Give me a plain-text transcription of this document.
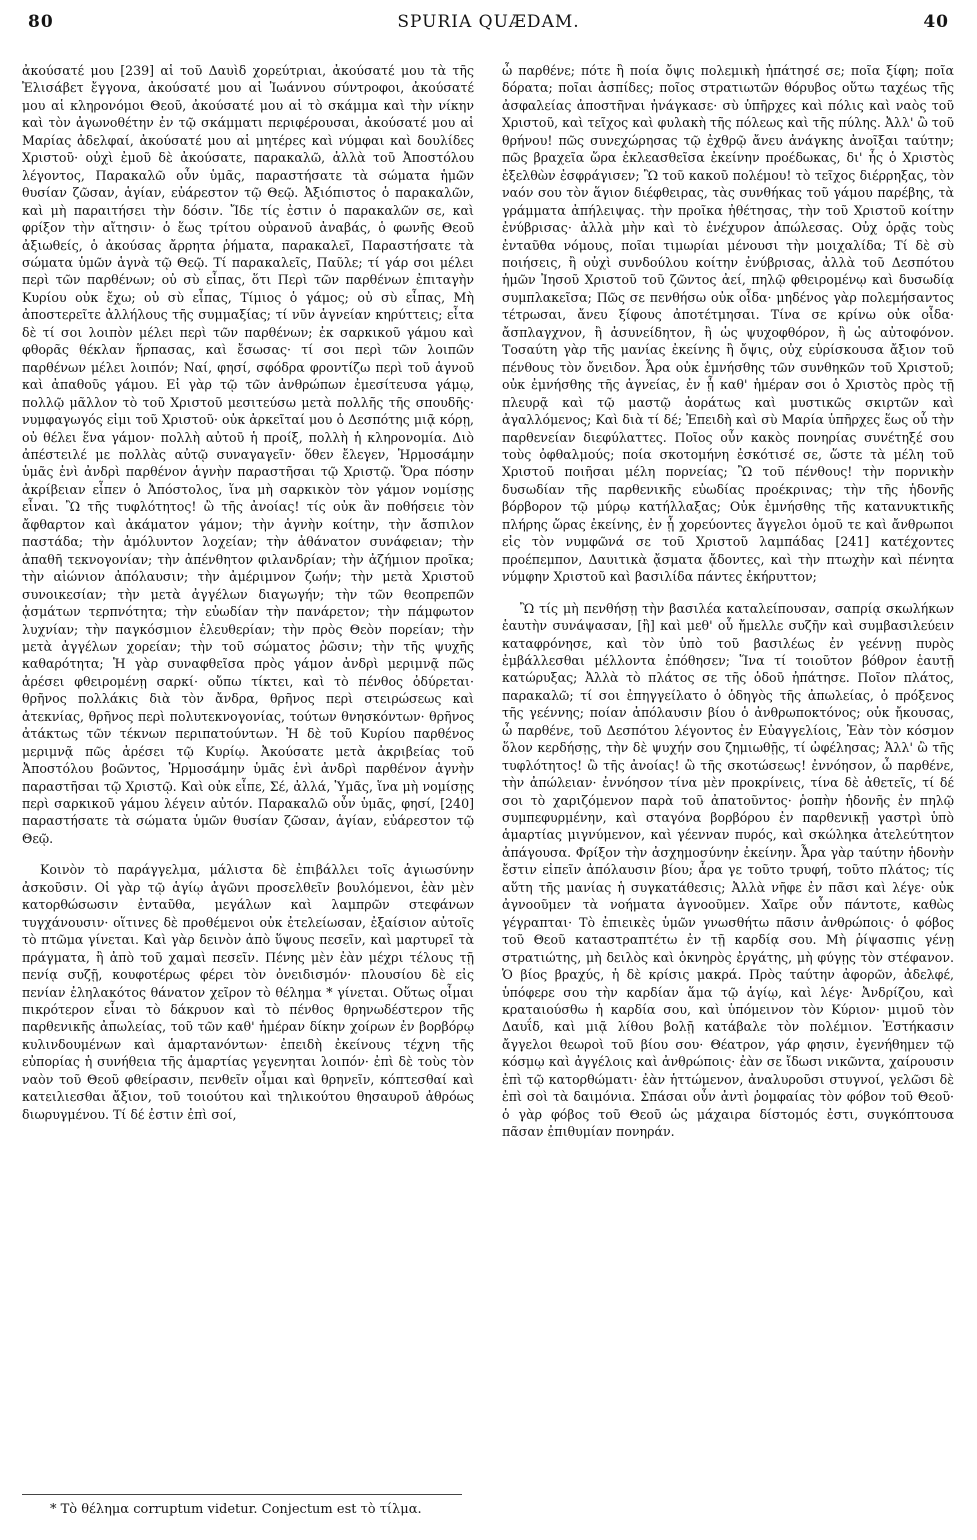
80	SPURIA QUÆDAM.	40

ἀκούσατέ μου [239] αἱ τοῦ Δαυὶδ χορεύτριαι, ἀκούσατέ μου τὰ τῆς Ἐλισάβετ ἔγγονα, ἀκούσατέ μου αἱ Ἰωάννου σύντροφοι, ἀκούσατέ μου αἱ κληρονόμοι Θεοῦ, ἀκούσατέ μου αἱ τὸ σκάμμα καὶ τὴν νίκην καὶ τὸν ἀγωνοθέτην ἐν τῷ σκάμματι περιφέρουσαι, ἀκούσατέ μου αἱ Μαρίας ἀδελφαί, ἀκούσατέ μου αἱ μητέρες καὶ νύμφαι καὶ δουλίδες Χριστοῦ· οὐχὶ ἐμοῦ δὲ ἀκούσατε, παρακαλῶ, ἀλλὰ τοῦ Ἀποστόλου λέγοντος, Παρακαλῶ οὖν ὑμᾶς, παραστήσατε τὰ σώματα ἡμῶν θυσίαν ζῶσαν, ἁγίαν, εὐάρεστον τῷ Θεῷ. Ἀξιόπιστος ὁ παρακαλῶν, καὶ μὴ παραιτήσει τὴν δόσιν. Ἴδε τίς ἐστιν ὁ παρακαλῶν σε, καὶ φρίξον τὴν αἴτησιν· ὁ ἕως τρίτου οὐρανοῦ ἀναβάς, ὁ φωνῆς Θεοῦ ἀξιωθείς, ὁ ἀκούσας ἄρρητα ῥήματα, παρακαλεῖ, Παραστήσατε τὰ σώματα ὑμῶν ἁγνὰ τῷ Θεῷ. Τί παρακαλεῖς, Παῦλε; τί γάρ σοι μέλει περὶ τῶν παρθένων; οὐ σὺ εἶπας, ὅτι Περὶ τῶν παρθένων ἐπιταγὴν Κυρίου οὐκ ἔχω; οὐ σὺ εἶπας, Τίμιος ὁ γάμος; οὐ σὺ εἶπας, Μὴ ἀποστερεῖτε ἀλλήλους τῆς συμμαξίας; τί νῦν ἁγνείαν κηρύττεις; εἶτα δὲ τί σοι λοιπὸν μέλει περὶ τῶν παρθένων; ἐκ σαρκικοῦ γάμου καὶ φθορᾶς θέκλαν ἥρπασας, καὶ ἔσωσας· τί σοι περὶ τῶν λοιπῶν παρθένων μέλει λοιπόν; Ναί, φησί, σφόδρα φροντίζω περὶ τοῦ ἁγνοῦ καὶ ἀπαθοῦς γάμου. Εἰ γὰρ τῷ τῶν ἀνθρώπων ἐμεσίτευσα γάμῳ, πολλῷ μᾶλλον τὸ τοῦ Χριστοῦ μεσιτεύσω μετὰ πολλῆς τῆς σπουδῆς· νυμφαγωγός εἰμι τοῦ Χριστοῦ· οὐκ ἀρκεῖταί μου ὁ Δεσπότης μιᾷ κόρῃ, οὐ θέλει ἕνα γάμον· πολλὴ αὐτοῦ ἡ προίξ, πολλὴ ἡ κληρονομία. Διὸ ἀπέστειλέ με πολλὰς αὐτῷ συναγαγεῖν· ὅθεν ἔλεγεν, Ἡρμοσάμην ὑμᾶς ἑνὶ ἀνδρὶ παρθένον ἁγνὴν παραστῆσαι τῷ Χριστῷ. Ὅρα πόσην ἀκρίβειαν εἶπεν ὁ Ἀπόστολος, ἵνα μὴ σαρκικὸν τὸν γάμον νομίσῃς εἶναι. Ὢ τῆς τυφλότητος! ὢ τῆς ἀνοίας! τίς οὐκ ἂν ποθήσειε τὸν ἄφθαρτον καὶ ἀκάματον γάμον; τὴν ἁγνὴν κοίτην, τὴν ἄσπιλον παστάδα; τὴν ἀμόλυντον λοχείαν; τὴν ἀθάνατον συνάφειαν; τὴν ἀπαθῆ τεκνογονίαν; τὴν ἀπένθητον φιλανδρίαν; τὴν ἀζήμιον προῖκα; τὴν αἰώνιον ἀπόλαυσιν; τὴν ἀμέριμνον ζωήν; τὴν μετὰ Χριστοῦ συνοικεσίαν; τὴν μετὰ ἀγγέλων διαγωγήν; τὴν τῶν θεοπρεπῶν ᾀσμάτων τερπνότητα; τὴν εὐωδίαν τὴν πανάρετον; τὴν πάμφωτον λυχνίαν; τὴν παγκόσμιον ἐλευθερίαν; τὴν πρὸς Θεὸν πορείαν; τὴν μετὰ ἀγγέλων χορείαν; τὴν τοῦ σώματος ῥῶσιν; τὴν τῆς ψυχῆς καθαρότητα; Ἡ γὰρ συναφθεῖσα πρὸς γάμον ἀνδρὶ μεριμνᾷ πῶς ἀρέσει φθειρομένῃ σαρκί· οὔπω τίκτει, καὶ τὸ πένθος ὀδύρεται· θρῆνος πολλάκις διὰ τὸν ἄνδρα, θρῆνος περὶ στειρώσεως καὶ ἀτεκνίας, θρῆνος περὶ πολυτεκνογονίας, τούτων θνησκόντων· θρῆνος ἀτάκτως τῶν τέκνων περιπατούντων. Ἡ δὲ τοῦ Κυρίου παρθένος μεριμνᾷ πῶς ἀρέσει τῷ Κυρίῳ. Ἀκούσατε μετὰ ἀκριβείας τοῦ Ἀποστόλου βοῶντος, Ἡρμοσάμην ὑμᾶς ἑνὶ ἀνδρὶ παρθένον ἁγνὴν παραστῆσαι τῷ Χριστῷ. Καὶ οὐκ εἶπε, Σέ, ἀλλά, Ὑμᾶς, ἵνα μὴ νομίσῃς περὶ σαρκικοῦ γάμου λέγειν αὐτόν. Παρακαλῶ οὖν ὑμᾶς, φησί, [240] παραστήσατε τὰ σώματα ὑμῶν θυσίαν ζῶσαν, ἁγίαν, εὐάρεστον τῷ Θεῷ.

Κοινὸν τὸ παράγγελμα, μάλιστα δὲ ἐπιβάλλει τοῖς ἁγιωσύνην ἀσκοῦσιν. Οἱ γὰρ τῷ ἁγίῳ ἀγῶνι προσελθεῖν βουλόμενοι, ἐὰν μὲν κατορθώσωσιν ἐνταῦθα, μεγάλων καὶ λαμπρῶν στεφάνων τυγχάνουσιν· οἵτινες δὲ προθέμενοι οὐκ ἐτελείωσαν, ἐξαίσιον αὐτοῖς τὸ πτῶμα γίνεται. Καὶ γὰρ δεινὸν ἀπὸ ὕψους πεσεῖν, καὶ μαρτυρεῖ τὰ πράγματα, ἢ ἀπὸ τοῦ χαμαὶ πεσεῖν. Πένης μὲν ἐὰν μέχρι τέλους τῇ πενίᾳ συζῇ, κουφοτέρως φέρει τὸν ὀνειδισμόν· πλουσίου δὲ εἰς πενίαν ἐληλακότος θάνατον χεῖρον τὸ θέλημα * γίνεται. Οὕτως οἶμαι πικρότερον εἶναι τὸ δάκρυον καὶ τὸ πένθος θρηνωδέστερον τῆς παρθενικῆς ἀπωλείας, τοῦ τῶν καθ' ἡμέραν δίκην χοίρων ἐν βορβόρῳ κυλινδουμένων καὶ ἁμαρτανόντων· ἐπειδὴ ἐκείνους τέχνη τῆς εὐπορίας ἡ συνήθεια τῆς ἁμαρτίας γεγενηται λοιπόν· ἐπὶ δὲ τοὺς τὸν ναὸν τοῦ Θεοῦ φθείρασιν, πενθεῖν οἶμαι καὶ θρηνεῖν, κόπτεσθαί καὶ κατειλιεσθαι ἄξιον, τοῦ τοιούτου καὶ τηλικούτου θησαυροῦ ἀθρόως διωρυγμένου. Τί δέ ἐστιν ἐπὶ σοί,

ὦ παρθένε; πότε ἢ ποία ὄψις πολεμικὴ ἠπάτησέ σε; ποῖα ξίφη; ποῖα δόρατα; ποῖαι ἀσπίδες; ποῖος στρατιωτῶν θόρυβος οὕτω ταχέως τῆς ἀσφαλείας ἀποστῆναι ἠνάγκασε· σὺ ὑπῆρχες καὶ πόλις καὶ ναὸς τοῦ Χριστοῦ, καὶ τεῖχος καὶ φυλακὴ τῆς πόλεως καὶ τῆς πύλης. Ἀλλ' ὢ τοῦ θρήνου! πῶς συνεχώρησας τῷ ἐχθρῷ ἄνευ ἀνάγκης ἀνοῖξαι ταύτην; πῶς βραχεῖα ὥρα ἐκλεασθεῖσα ἐκείνην προέδωκας, δι' ἧς ὁ Χριστὸς ἐξελθὼν ἐσφράγισεν; Ὢ τοῦ κακοῦ πολέμου! τὸ τεῖχος διέρρηξας, τὸν ναόν σου τὸν ἅγιον διέφθειρας, τὰς συνθήκας τοῦ γάμου παρέβης, τὰ γράμματα ἀπήλειψας. τὴν προῖκα ἠθέτησας, τὴν τοῦ Χριστοῦ κοίτην ἐνύβρισας· ἀλλὰ μὴν καὶ τὸ ἐνέχυρον ἀπώλεσας. Οὐχ ὁρᾷς τοὺς ἐνταῦθα νόμους, ποῖαι τιμωρίαι μένουσι τὴν μοιχαλίδα; Τί δὲ σὺ ποιήσεις, ἢ οὐχὶ συνδούλου κοίτην ἐνύβρισας, ἀλλὰ τοῦ Δεσπότου ἡμῶν Ἰησοῦ Χριστοῦ τοῦ ζῶντος ἀεί, πηλῷ φθειρομένῳ καὶ δυσωδίᾳ συμπλακεῖσα; Πῶς σε πενθήσω οὐκ οἶδα· μηδένος γὰρ πολεμήσαντος τέτρωσαι, ἄνευ ξίφους ἀποτέτμησαι. Τίνα σε κρίνω οὐκ οἶδα· ἄσπλαγχνον, ἢ ἀσυνείδητον, ἢ ὡς ψυχοφθόρον, ἢ ὡς αὐτοφόνον. Τοσαύτη γὰρ τῆς μανίας ἐκείνης ἢ ὄψις, οὐχ εὑρίσκουσα ἄξιον τοῦ πένθους τὸν ὄνειδον. Ἆρα οὐκ ἐμνήσθης τῶν συνθηκῶν τοῦ Χριστοῦ; οὐκ ἐμνήσθης τῆς ἁγνείας, ἐν ᾗ καθ' ἡμέραν σοι ὁ Χριστὸς πρὸς τῇ πλευρᾷ καὶ τῷ μαστῷ ἀοράτως καὶ μυστικῶς σκιρτῶν καὶ ἀγαλλόμενος; Καὶ διὰ τί δέ; Ἐπειδὴ καὶ σὺ Μαρία ὑπῆρχες ἕως οὗ τὴν παρθενείαν διεφύλαττες. Ποῖος οὖν κακὸς πονηρίας συνέτηξέ σου τοὺς ὀφθαλμούς; ποία σκοτομήνη ἐσκότισέ σε, ὥστε τὰ μέλη τοῦ Χριστοῦ ποιῆσαι μέλη πορνείας; Ὢ τοῦ πένθους! τὴν πορνικὴν δυσωδίαν τῆς παρθενικῆς εὐωδίας προέκρινας; τὴν τῆς ἡδονῆς βόρβορον τῷ μύρῳ κατήλλαξας; Οὐκ ἐμνήσθης τῆς κατανυκτικῆς πλήρης ὥρας ἐκείνης, ἐν ᾗ χορεύοντες ἄγγελοι ὁμοῦ τε καὶ ἄνθρωποι εἰς τὸν νυμφῶνά σε τοῦ Χριστοῦ λαμπάδας [241] κατέχοντες προέπεμπον, Δαυιτικὰ ᾄσματα ᾄδοντες, καὶ τὴν πτωχὴν καὶ πένητα νύμφην Χριστοῦ καὶ βασιλίδα πάντες ἐκήρυττον;

Ὢ τίς μὴ πενθήσῃ τὴν βασιλέα καταλείπουσαν, σαπρίᾳ σκωλήκων ἑαυτὴν συνάψασαν, [ἢ] καὶ μεθ' οὗ ἤμελλε συζῆν καὶ συμβασιλεύειν καταφρόνησε, καὶ τὸν ὑπὸ τοῦ βασιλέως ἐν γεέννῃ πυρὸς ἐμβάλλεσθαι μέλλοντα ἐπόθησεν; Ἵνα τί τοιοῦτον βόθρον ἑαυτῇ κατώρυξας; Ἀλλὰ τὸ πλάτος σε τῆς ὁδοῦ ἠπάτησε. Ποῖον πλάτος, παρακαλῶ; τί σοι ἐπηγγείλατο ὁ ὁδηγὸς τῆς ἀπωλείας, ὁ πρόξενος τῆς γεέννης; ποίαν ἀπόλαυσιν βίου ὁ ἀνθρωποκτόνος; οὐκ ἤκουσας, ὦ παρθένε, τοῦ Δεσπότου λέγοντος ἐν Εὐαγγελίοις, Ἐὰν τὸν κόσμον ὅλον κερδήσῃς, τὴν δὲ ψυχήν σου ζημιωθῇς, τί ὠφέλησας; Ἀλλ' ὢ τῆς τυφλότητος! ὢ τῆς ἀνοίας! ὢ τῆς σκοτώσεως! ἐννόησον, ὦ παρθένε, τὴν ἀπώλειαν· ἐννόησον τίνα μὲν προκρίνεις, τίνα δὲ ἀθετεῖς, τί δέ σοι τὸ χαριζόμενον παρὰ τοῦ ἀπατοῦντος· ῥοπὴν ἡδονῆς ἐν πηλῷ συμπεφυρμένην, καὶ σταγόνα βορβόρου ἐν παρθενικῇ γαστρὶ ὑπὸ ἁμαρτίας μιγνύμενον, καὶ γέενναν πυρός, καὶ σκώληκα ἀτελεύτητον ἀπάγουσα. Φρίξον τὴν ἀσχημοσύνην ἐκείνην. Ἆρα γὰρ ταύτην ἡδονὴν ἔστιν εἰπεῖν ἀπόλαυσιν βίου; ἆρα γε τοῦτο τρυφή, τοῦτο πλάτος; τίς αὕτη τῆς μανίας ἡ συγκατάθεσις; Ἀλλὰ νῆφε ἐν πᾶσι καὶ λέγε· οὐκ ἀγνοοῦμεν τὰ νοήματα ἀγνοοῦμεν. Χαῖρε οὖν πάντοτε, καθὼς γέγραπται· Τὸ ἐπιεικὲς ὑμῶν γνωσθήτω πᾶσιν ἀνθρώποις· ὁ φόβος τοῦ Θεοῦ καταστραπτέτω ἐν τῇ καρδίᾳ σου. Μὴ ῥίψασπις γένῃ στρατιώτης, μὴ δειλὸς καὶ ὀκνηρὸς ἐργάτης, μὴ φύγῃς τὸν στέφανον. Ὁ βίος βραχύς, ἡ δὲ κρίσις μακρά. Πρὸς ταύτην ἀφορῶν, ἀδελφέ, ὑπόφερε σου τὴν καρδίαν ἅμα τῷ ἁγίῳ, καὶ λέγε· Ἀνδρίζου, καὶ κραταιούσθω ἡ καρδία σου, καὶ ὑπόμεινον τὸν Κύριον· μιμοῦ τὸν Δαυΐδ, καὶ μιᾷ λίθου βολῇ κατάβαλε τὸν πολέμιον. Ἐστήκασιν ἄγγελοι θεωροὶ τοῦ βίου σου· Θέατρον, γάρ φησιν, ἐγενήθημεν τῷ κόσμῳ καὶ ἀγγέλοις καὶ ἀνθρώποις· ἐὰν σε ἴδωσι νικῶντα, χαίρουσιν ἐπὶ τῷ κατορθώματι· ἐὰν ἡττώμενον, ἀναλυροῦσι στυγνοί, γελῶσι δὲ ἐπὶ σοὶ τὰ δαιμόνια. Σπάσαι οὖν ἀντὶ ῥομφαίας τὸν φόβον τοῦ Θεοῦ· ὁ γὰρ φόβος τοῦ Θεοῦ ὡς μάχαιρα δίστομός ἐστι, συγκόπτουσα πᾶσαν ἐπιθυμίαν πονηράν.

* Τὸ θέλημα corruptum videtur. Conjectum est τὸ τίλμα.
